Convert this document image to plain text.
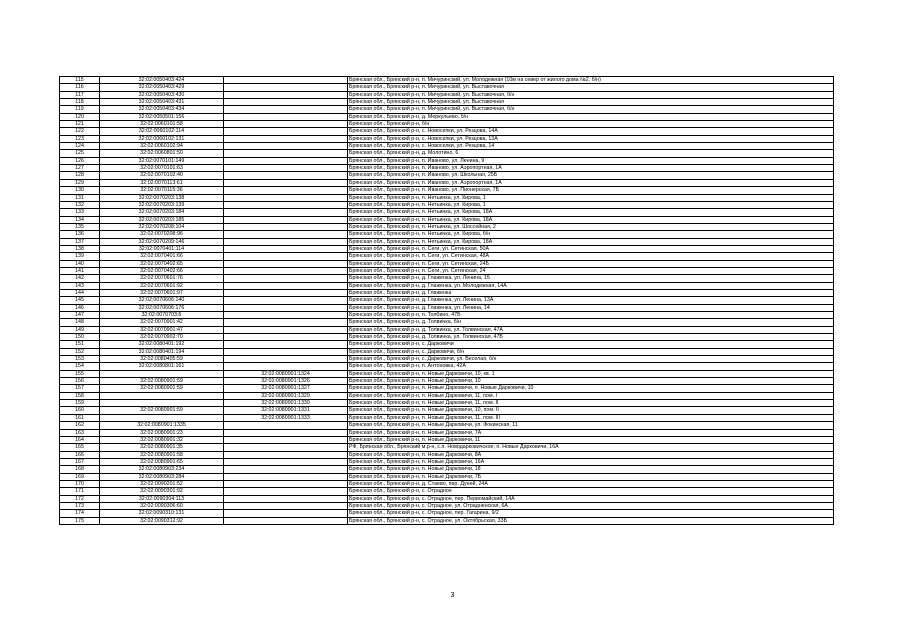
115	32:02:0050403:424		Брянская обл., Брянский р-н, п. Мичуринский, ул. Молодежная (10м на север от жилого дома №2, б/н)
116	32:02:0050403:429		Брянская обл., Брянский р-н, п. Мичуринский, ул. Выставочная
117	32:02:0050403:430		Брянская обл., Брянский р-н, п. Мичуринский, ул. Выставочная, б/н
118	32:02:0050403:431		Брянская обл., Брянский р-н, п. Мичуринский, ул. Выставочная
119	32:02:0050403:434		Брянская обл., Брянский р-н, п. Мичуринский, ул. Выставочная, б/н
120	32:02:0050501:156		Брянская обл., Брянский р-н, д. Меркульево, б/н
121	32:02:0060101:58		Брянская обл., Брянский р-н, б/н
122	32:02:0060102:114		Брянская обл., Брянский р-н, с. Новоселки, ул. Резцова, 14А
123	32:02:0060102:131		Брянская обл., Брянский р-н, с. Новоселки, ул. Резцова, 13А
124	32:02:0060102:94		Брянская обл., Брянский р-н, с. Новоселки, ул. Резцова, 14
125	32:02:0060801:50		Брянская обл., Брянский р-н, д. Молотино, 6
126	32:02:0070101:149		Брянская обл., Брянский р-н, п. Иваново, ул. Ленина, 9
127	32:02:0070101:63		Брянская обл., Брянский р-н, п. Иваново, ул. Аэропортная, 1А
128	32:02:0070102:40		Брянская обл., Брянский р-н, п. Иваново, ул. Школьная, 25Б
129	32:02:0070113:61		Брянская обл., Брянский р-н, п. Иваново, ул. Аэропортная, 1А
130	32:02:0070115:36		Брянская обл., Брянский р-н, п. Иваново, ул. Пионерская, 7Б
131	32:02:0070203:138		Брянская обл., Брянский р-н, п. Нетьинка, ул. Кирова, 1
132	32:02:0070203:139		Брянская обл., Брянский р-н, п. Нетьинка, ул. Кирова, 1
133	32:02:0070203:184		Брянская обл., Брянский р-н, п. Нетьинка, ул. Кирова, 18А
134	32:02:0070203:185		Брянская обл., Брянский р-н, п. Нетьинка, ул. Кирова, 18А
135	32:02:0070208:104		Брянская обл., Брянский р-н, п. Нетьинка, ул. Шоссейная, 2
136	32:02:0070208:96		Брянская обл., Брянский р-н, п. Нетьинка, ул. Кирова, б/н
137	32:02:0070209:146		Брянская обл., Брянский р-н, п. Нетьинка, ул. Кирова, 18А
138	32:02:0070401:114		Брянская обл., Брянский р-н, п. Сеги, ул. Сетинская, 50А
139	32:02:0070401:66		Брянская обл., Брянский р-н, п. Сеги, ул. Сетинская, 48А
140	32:02:0070402:65		Брянская обл., Брянский р-н, п. Сеги, ул. Сетинская, 24Б
141	32:02:0070402:66		Брянская обл., Брянский р-н, п. Сеги, ул. Сетинская, 24
142	32:02:0070601:76		Брянская обл., Брянский р-н, д. Глаженка, ул. Ленина, 15
143	32:02:0070601:92		Брянская обл., Брянский р-н, д. Глаженка, ул. Молодежная, 14А
144	32:02:0070601:97		Брянская обл., Брянский р-н, д. Глаженка
145	32:02:0070606:140		Брянская обл., Брянский р-н, д. Глаженка, ул. Ленина, 13А
146	32:02:0070606:176		Брянская обл., Брянский р-н, д. Глаженка, ул. Ленина, 14
147	32:02:0070703:6		Брянская обл., Брянский р-н, п. Толбино, 47Б
148	32:02:0070901:42		Брянская обл., Брянский р-н, д. Толвинка, б/н
149	32:02:0070901:47		Брянская обл., Брянский р-н, д. Толвинка, ул. Толвинская, 47А
150	32:02:0070902:70		Брянская обл., Брянский р-н, д. Толвинка, ул. Толвинская, 47Б
151	32:02:0080401:192		Брянская обл., Брянский р-н, с. Дарковичи
152	32:02:0080401:194		Брянская обл., Брянский р-н, с. Дарковичи, б/н
153	32:02:0080405:59		Брянская обл., Брянский р-н, с. Дарковичи, ул. Веселая, б/н
154	32:02:0080801:161		Брянская обл., Брянский р-н, п. Антоновка, 42А
155		32:02:0080901:1324	Брянская обл., Брянский р-н, п. Новые Дарковичи, 10, кв. 1
156	32:02:0080901:59	32:02:0080901:1326	Брянская обл., Брянский р-н, п. Новые Дарковичи, 10
157	32:02:0080901:59	32:02:0080901:1327	Брянская обл., Брянский р-н, п. Новые Дарковичи, п. Новые Дарковичи, 10
158		32:02:0080901:1329	Брянская обл., Брянский р-н, п. Новые Дарковичи, 11, пом. I
159		32:02:0080901:1330	Брянская обл., Брянский р-н, п. Новые Дарковичи, 11, пом. II
160	32:02:0080901:59	32:02:0080901:1331	Брянская обл., Брянский р-н, п. Новые Дарковичи, 10, пом. II
161		32:02:0080901:1333	Брянская обл., Брянский р-н, п. Новые Дарковичи, 11, пом. III
162	32:02:0080901:1335		Брянская обл., Брянский р-н, п. Новые Дарковичи, ул. Фокинская, 11
163	32:02:0080901:23		Брянская обл., Брянский р-н, п. Новые Дарковичи, 7А
164	32:02:0080901:32		Брянская обл., Брянский р-н, п. Новые Дарковичи, 11
165	32:02:0080901:35		РФ, Брянская обл., Брянский м.р-н, с.п. Новодарковичское, п. Новые Дарковичи, 16А
166	32:02:0080901:58		Брянская обл., Брянский р-н, п. Новые Дарковичи, 8А
167	32:02:0080901:65		Брянская обл., Брянский р-н, п. Новые Дарковичи, 16А
168	32:02:0080903:234		Брянская обл., Брянский р-н, п. Новые Дарковичи, 18
169	32:02:0080903:284		Брянская обл., Брянский р-н, п. Новые Дарковичи, 7Б
170	32:02:0090201:52		Брянская обл., Брянский р-н, д. Стаево, пер. Дуней, 24А
171	32:02:0090301:92		Брянская обл., Брянский р-н, с. Отрадное
172	32:02:0090304:113		Брянская обл., Брянский р-н, с. Отрадное, пер. Первомайский, 14А
173	32:02:0090306:60		Брянская обл., Брянский р-н, с. Отрадное, ул. Отрадненская, 6А
174	32:02:0090310:131		Брянская обл., Брянский р-н, с. Отрадное, пер. Гагарина, 9/2
175	32:02:0090312:92		Брянская обл., Брянский р-н, с. Отрадное, ул. Октябрьская, 33Б
3
